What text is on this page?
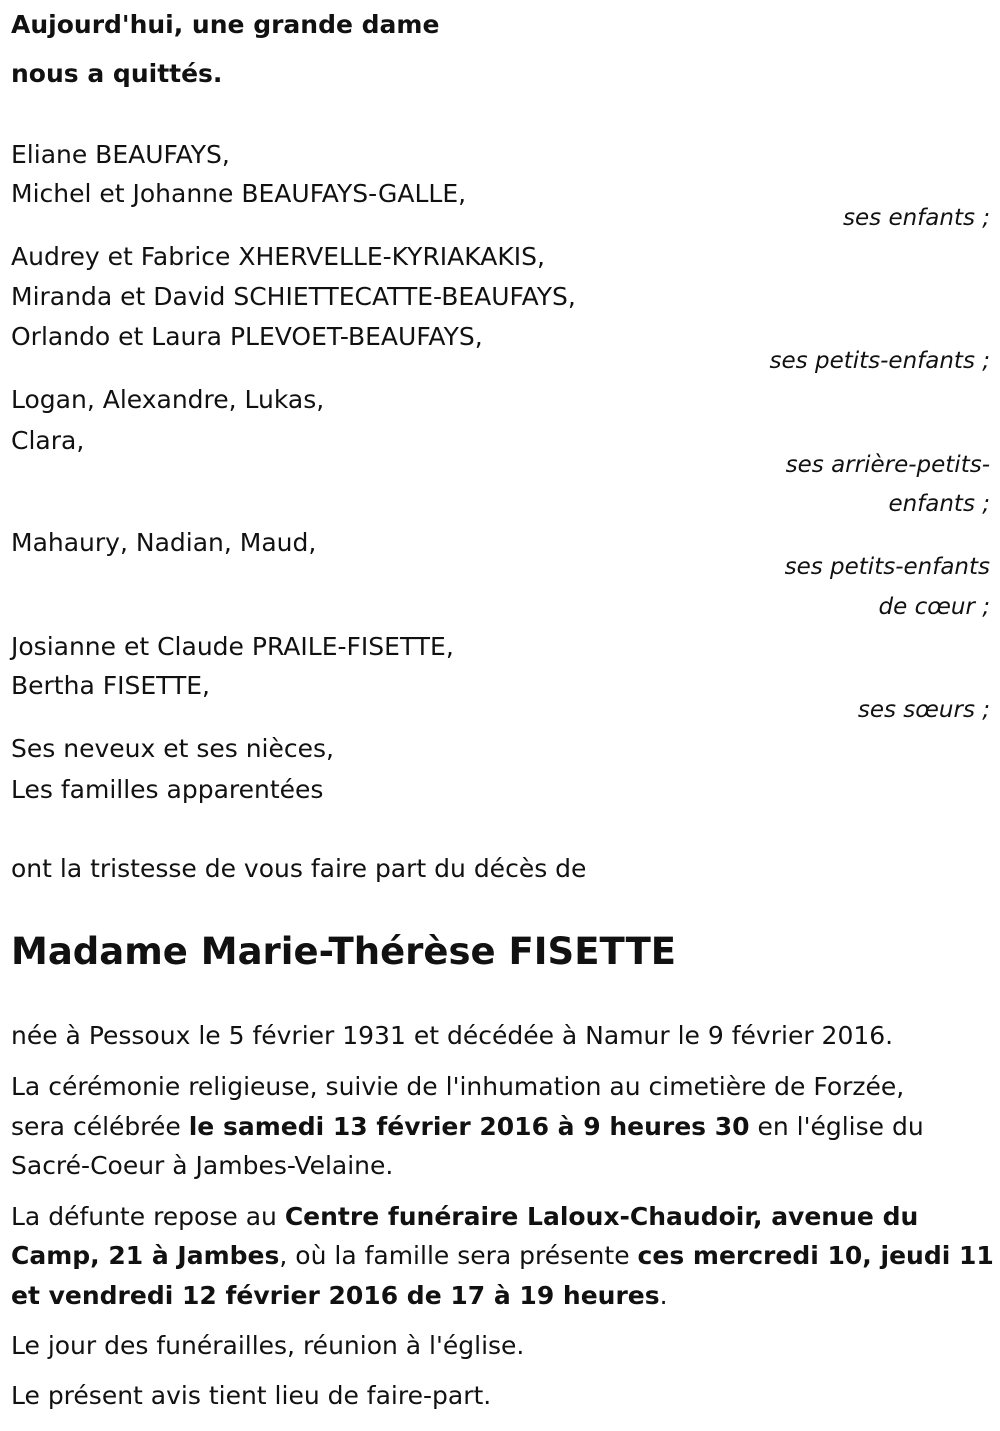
Aujourd'hui, une grande dame

nous a quittés.

Eliane BEAUFAYS,

Michel et Johanne BEAUFAYS-GALLE,

ses enfants ;

Audrey et Fabrice XHERVELLE-KYRIAKAKIS,

Miranda et David SCHIETTECATTE-BEAUFAYS,

Orlando et Laura PLEVOET-BEAUFAYS,

ses petits-enfants ;

Logan, Alexandre, Lukas,

Clara,

ses arrière-petits-

enfants ;

Mahaury, Nadian, Maud,

ses petits-enfants

de cœur ;

Josianne et Claude PRAILE-FISETTE,

Bertha FISETTE,

ses sœurs ;

Ses neveux et ses nièces,

Les familles apparentées

ont la tristesse de vous faire part du décès de

Madame Marie-Thérèse FISETTE

née à Pessoux le 5 février 1931 et décédée à Namur le 9 février 2016.

La cérémonie religieuse, suivie de l'inhumation au cimetière de Forzée,

sera célébrée le samedi 13 février 2016 à 9 heures 30 en l'église du

Sacré-Coeur à Jambes-Velaine.

La défunte repose au Centre funéraire Laloux-Chaudoir, avenue du

Camp, 21 à Jambes, où la famille sera présente ces mercredi 10, jeudi 11

et vendredi 12 février 2016 de 17 à 19 heures.

Le jour des funérailles, réunion à l'église.

Le présent avis tient lieu de faire-part.
